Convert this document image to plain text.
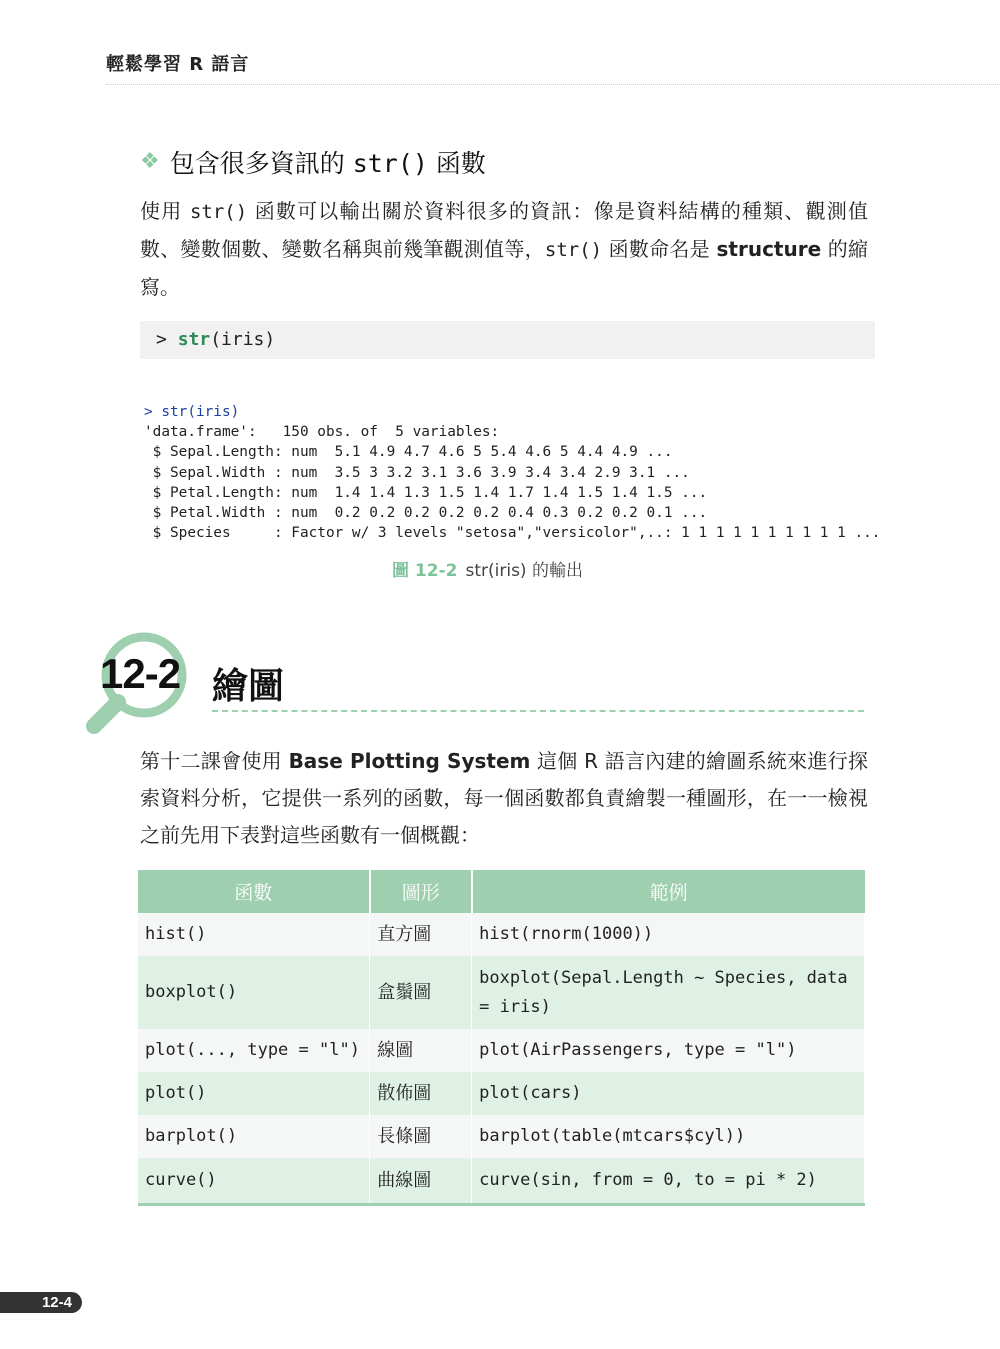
輕鬆學習 R 語言
❖ 包含很多資訊的 str() 函數

使用 str() 函數可以輸出關於資料很多的資訊：像是資料結構的種類、觀測值數、變數個數、變數名稱與前幾筆觀測值等，str() 函數命名是 structure 的縮寫。

> str(iris)
> str(iris)
'data.frame':	150 obs. of  5 variables:
$ Sepal.Length: num  5.1 4.9 4.7 4.6 5 5.4 4.6 5 4.4 4.9 ...
$ Sepal.Width : num  3.5 3 3.2 3.1 3.6 3.9 3.4 3.4 2.9 3.1 ...
$ Petal.Length: num  1.4 1.4 1.3 1.5 1.4 1.7 1.4 1.5 1.4 1.5 ...
$ Petal.Width : num  0.2 0.2 0.2 0.2 0.2 0.4 0.3 0.2 0.2 0.1 ...
$ Species     : Factor w/ 3 levels "setosa","versicolor",..: 1 1 1 1 1 1 1 1 1 1 ...
圖 12-2 str(iris) 的輸出
12-2 繪圖

第十二課會使用 Base Plotting System 這個 R 語言內建的繪圖系統來進行探索資料分析，它提供一系列的函數，每一個函數都負責繪製一種圖形，在一一檢視之前先用下表對這些函數有一個概觀：

函數	圖形	範例
hist()	直方圖	hist(rnorm(1000))
boxplot()	盒鬚圖	boxplot(Sepal.Length ~ Species, data = iris)
plot(..., type = "l")	線圖	plot(AirPassengers, type = "l")
plot()	散佈圖	plot(cars)
barplot()	長條圖	barplot(table(mtcars$cyl))
curve()	曲線圖	curve(sin, from = 0, to = pi * 2)
12-4
